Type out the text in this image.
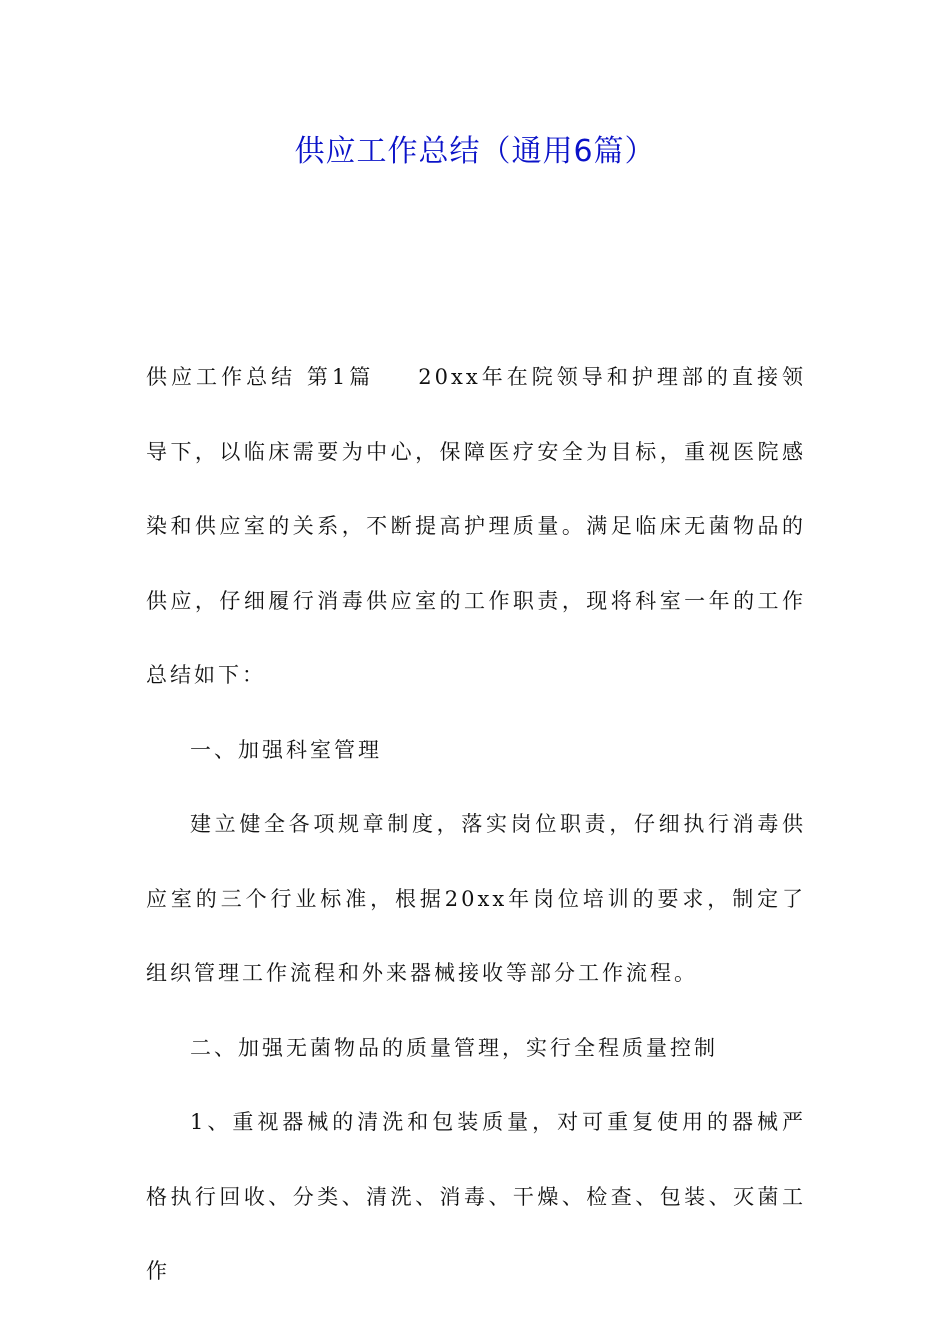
供应工作总结（通用6篇）

供应工作总结 第1篇 20xx年在院领导和护理部的直接领导下，以临床需要为中心，保障医疗安全为目标，重视医院感染和供应室的关系，不断提高护理质量。满足临床无菌物品的供应，仔细履行消毒供应室的工作职责，现将科室一年的工作总结如下：

一、加强科室管理

建立健全各项规章制度，落实岗位职责，仔细执行消毒供应室的三个行业标准，根据20xx年岗位培训的要求，制定了组织管理工作流程和外来器械接收等部分工作流程。

二、加强无菌物品的质量管理，实行全程质量控制

1、重视器械的清洗和包装质量，对可重复使用的器械严格执行回收、分类、清洗、消毒、干燥、检查、包装、灭菌工作
